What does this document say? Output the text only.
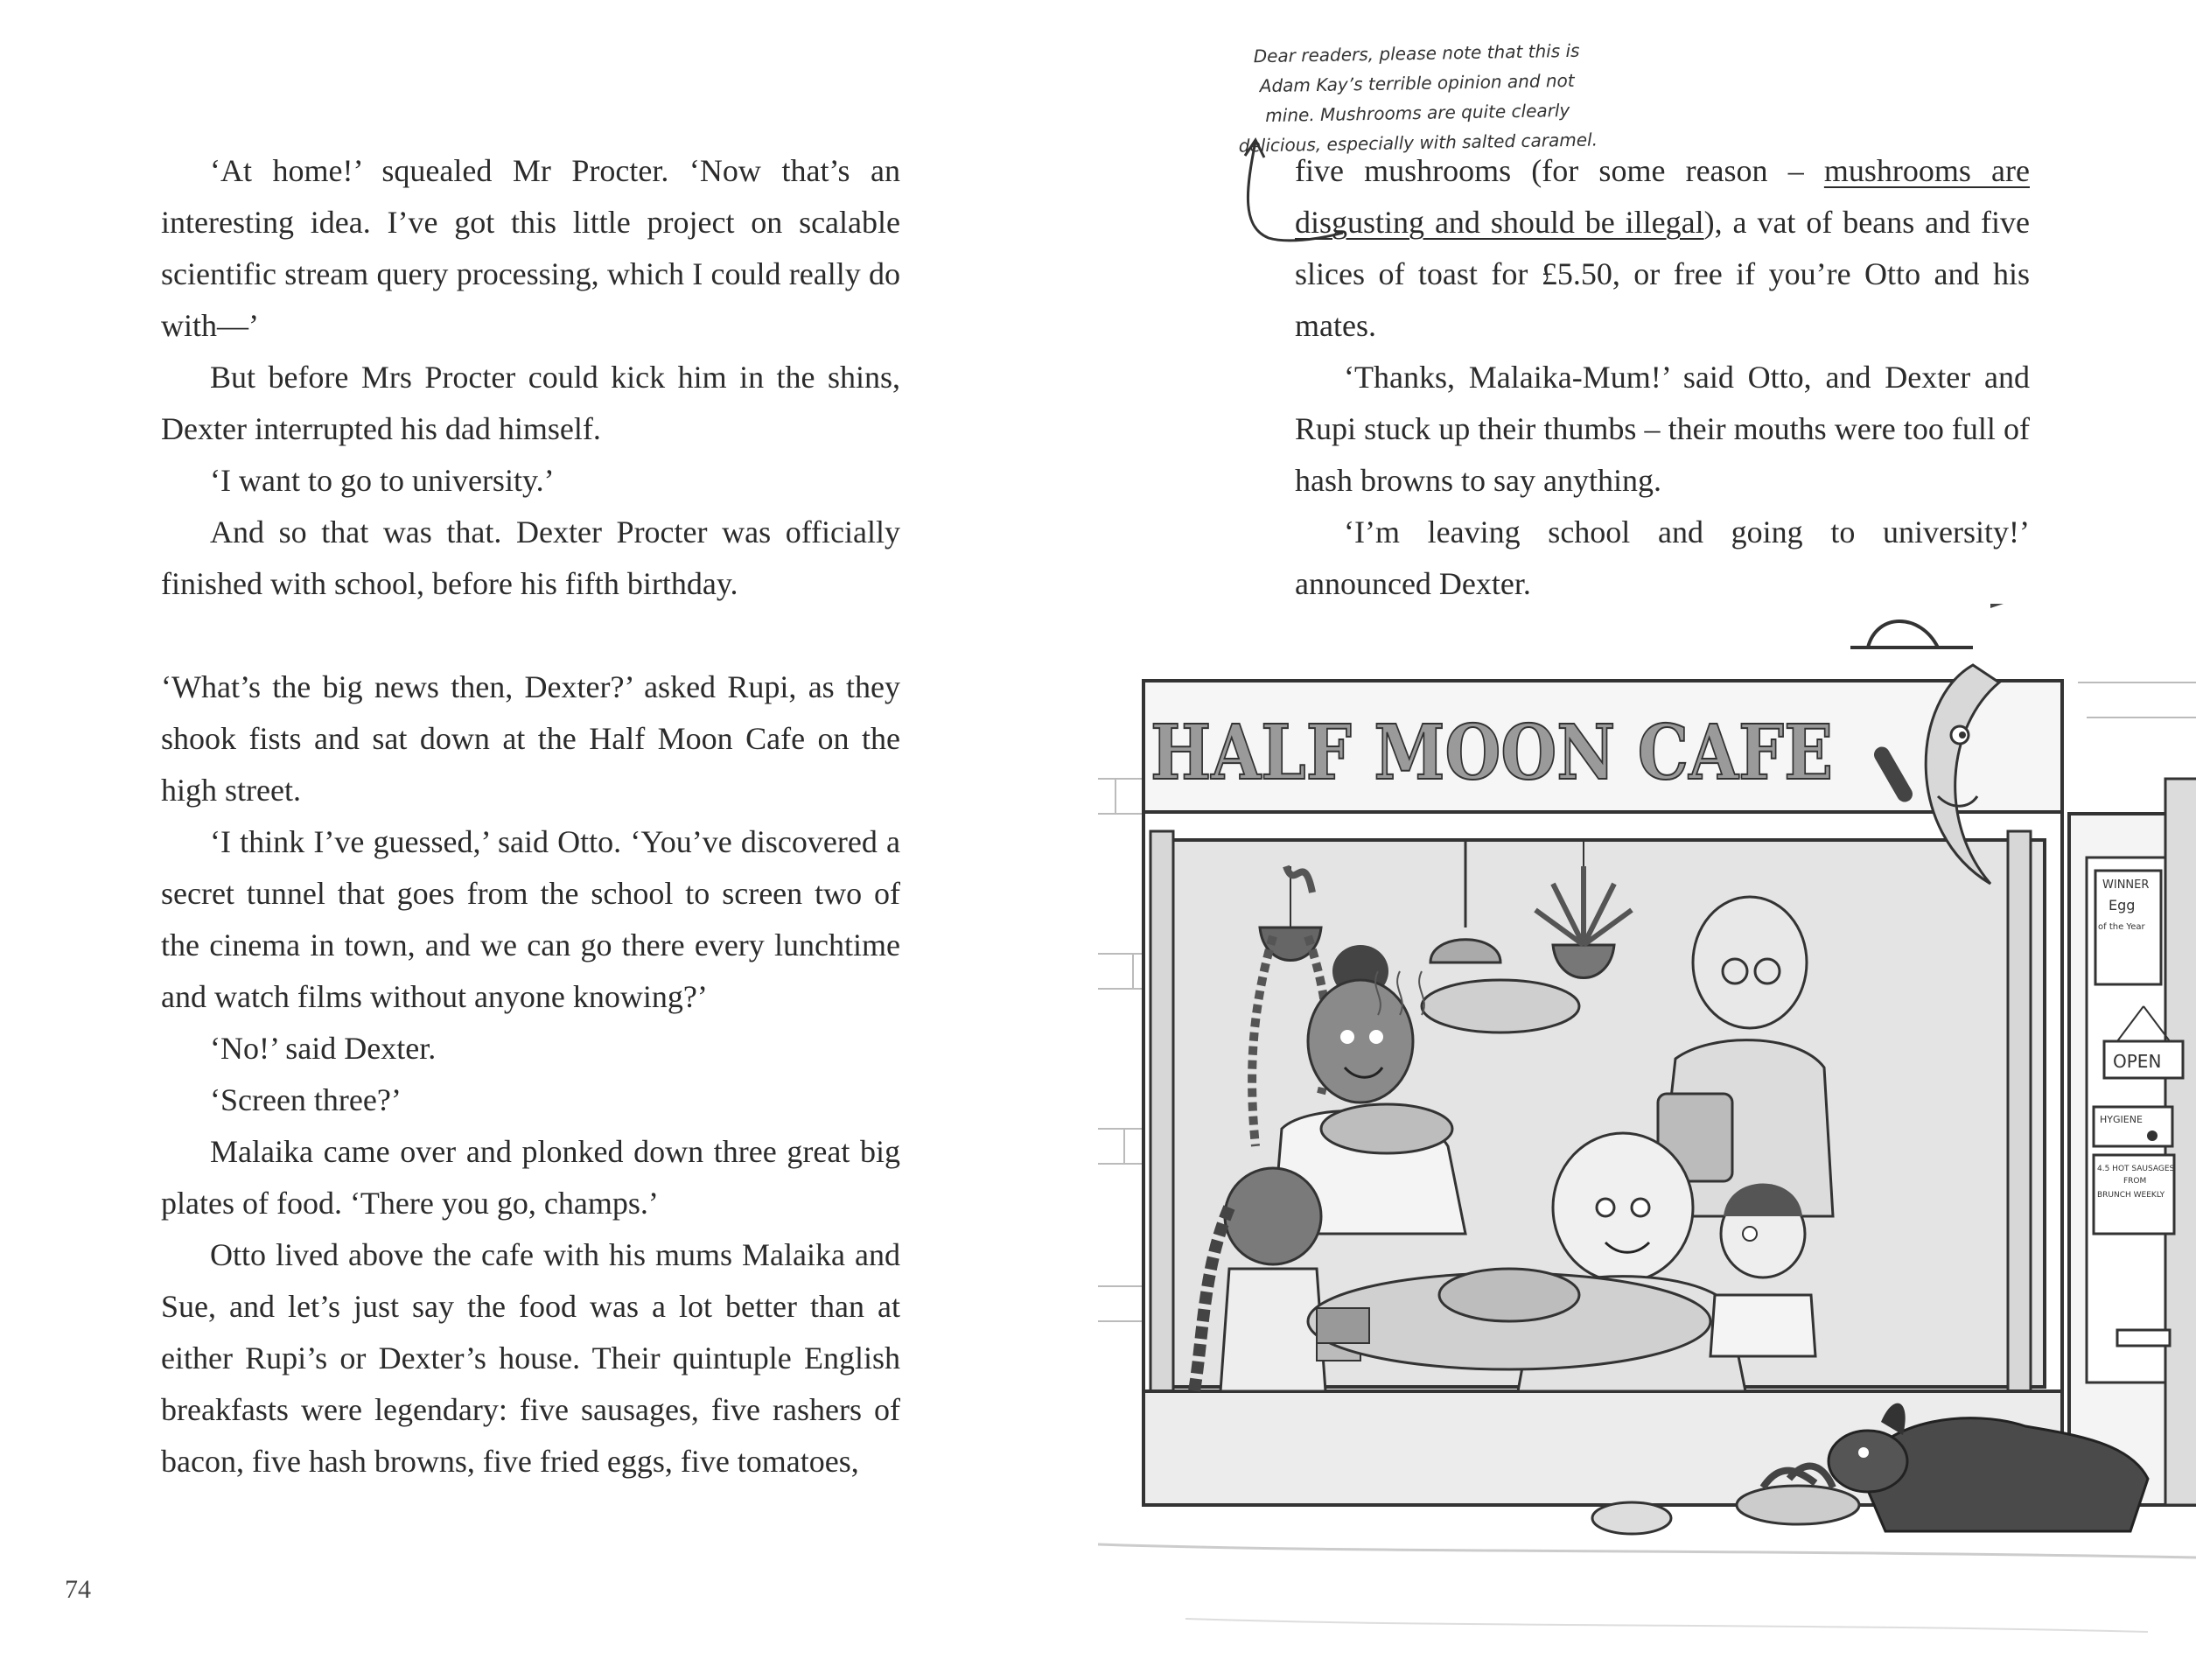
‘At home!’ squealed Mr Procter. ‘Now that’s an interesting idea. I’ve got this little project on scalable scientific stream query processing, which I could really do with—’

But before Mrs Procter could kick him in the shins, Dexter interrupted his dad himself.

‘I want to go to university.’

And so that was that. Dexter Procter was officially finished with school, before his fifth birthday.

‘What’s the big news then, Dexter?’ asked Rupi, as they shook fists and sat down at the Half Moon Cafe on the high street.

‘I think I’ve guessed,’ said Otto. ‘You’ve discovered a secret tunnel that goes from the school to screen two of the cinema in town, and we can go there every lunchtime and watch films without anyone knowing?’

‘No!’ said Dexter.

‘Screen three?’

Malaika came over and plonked down three great big plates of food. ‘There you go, champs.’

Otto lived above the cafe with his mums Malaika and Sue, and let’s just say the food was a lot better than at either Rupi’s or Dexter’s house. Their quintuple English breakfasts were legendary: five sausages, five rashers of bacon, five hash browns, five fried eggs, five tomatoes,

74
Dear readers, please note that this is Adam Kay’s terrible opinion and not mine. Mushrooms are quite clearly delicious, especially with salted caramel.

five mushrooms (for some reason – mushrooms are disgusting and should be illegal), a vat of beans and five slices of toast for £5.50, or free if you’re Otto and his mates.

‘Thanks, Malaika-Mum!’ said Otto, and Dexter and Rupi stuck up their thumbs – their mouths were too full of hash browns to say anything.

‘I’m leaving school and going to university!’ announced Dexter.

HALF MOON CAFE
WINNER
Egg
of the Year
OPEN
HYGIENE
4.5 HOT SAUSAGES
FROM
BRUNCH WEEKLY
